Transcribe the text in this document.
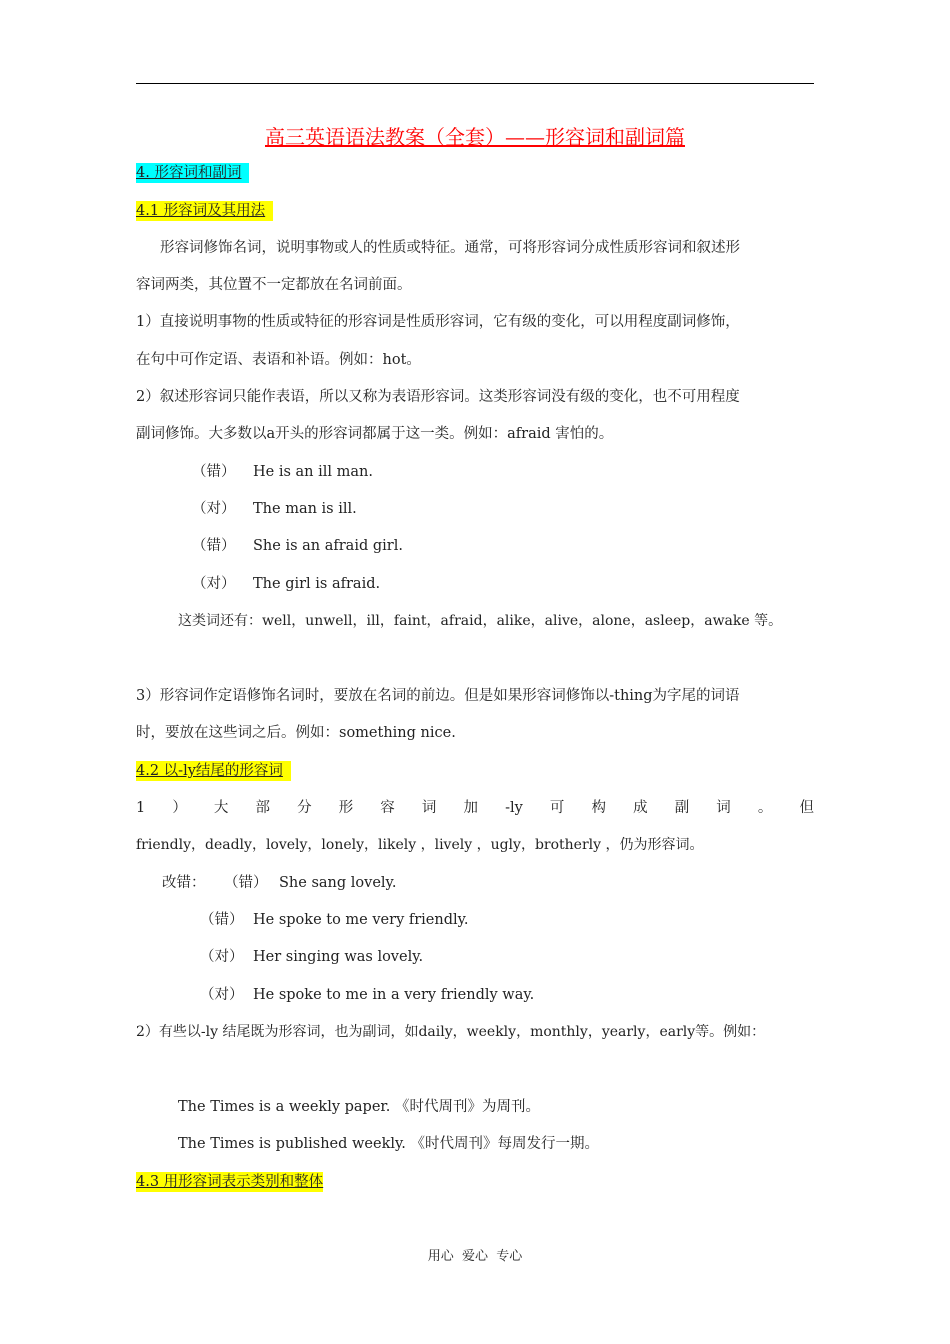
高三英语语法教案（全套）——形容词和副词篇
4. 形容词和副词
4.1 形容词及其用法
形容词修饰名词，说明事物或人的性质或特征。通常，可将形容词分成性质形容词和叙述形
容词两类，其位置不一定都放在名词前面。
1）直接说明事物的性质或特征的形容词是性质形容词，它有级的变化，可以用程度副词修饰，
在句中可作定语、表语和补语。例如：hot。
2）叙述形容词只能作表语，所以又称为表语形容词。这类形容词没有级的变化，也不可用程度
副词修饰。大多数以a开头的形容词都属于这一类。例如：afraid 害怕的。
（错） He is an ill man.
（对） The man is ill.
（错） She is an afraid girl.
（对） The girl is afraid.
这类词还有：well，unwell，ill，faint，afraid，alike，alive，alone，asleep，awake 等。
3）形容词作定语修饰名词时，要放在名词的前边。但是如果形容词修饰以-thing为字尾的词语
时，要放在这些词之后。例如：something nice.
4.2 以-ly结尾的形容词
1 ） 大 部 分 形 容 词 加 -ly 可 构 成 副 词 。 但
friendly，deadly，lovely，lonely，likely ，lively ，ugly，brotherly ，仍为形容词。
改错： （错） She sang lovely.
（错） He spoke to me very friendly.
（对） Her singing was lovely.
（对） He spoke to me in a very friendly way.
2）有些以-ly 结尾既为形容词，也为副词，如daily，weekly，monthly，yearly，early等。例如：
The Times is a weekly paper. 《时代周刊》为周刊。
The Times is published weekly. 《时代周刊》每周发行一期。
4.3 用形容词表示类别和整体
用心  爱心  专心
